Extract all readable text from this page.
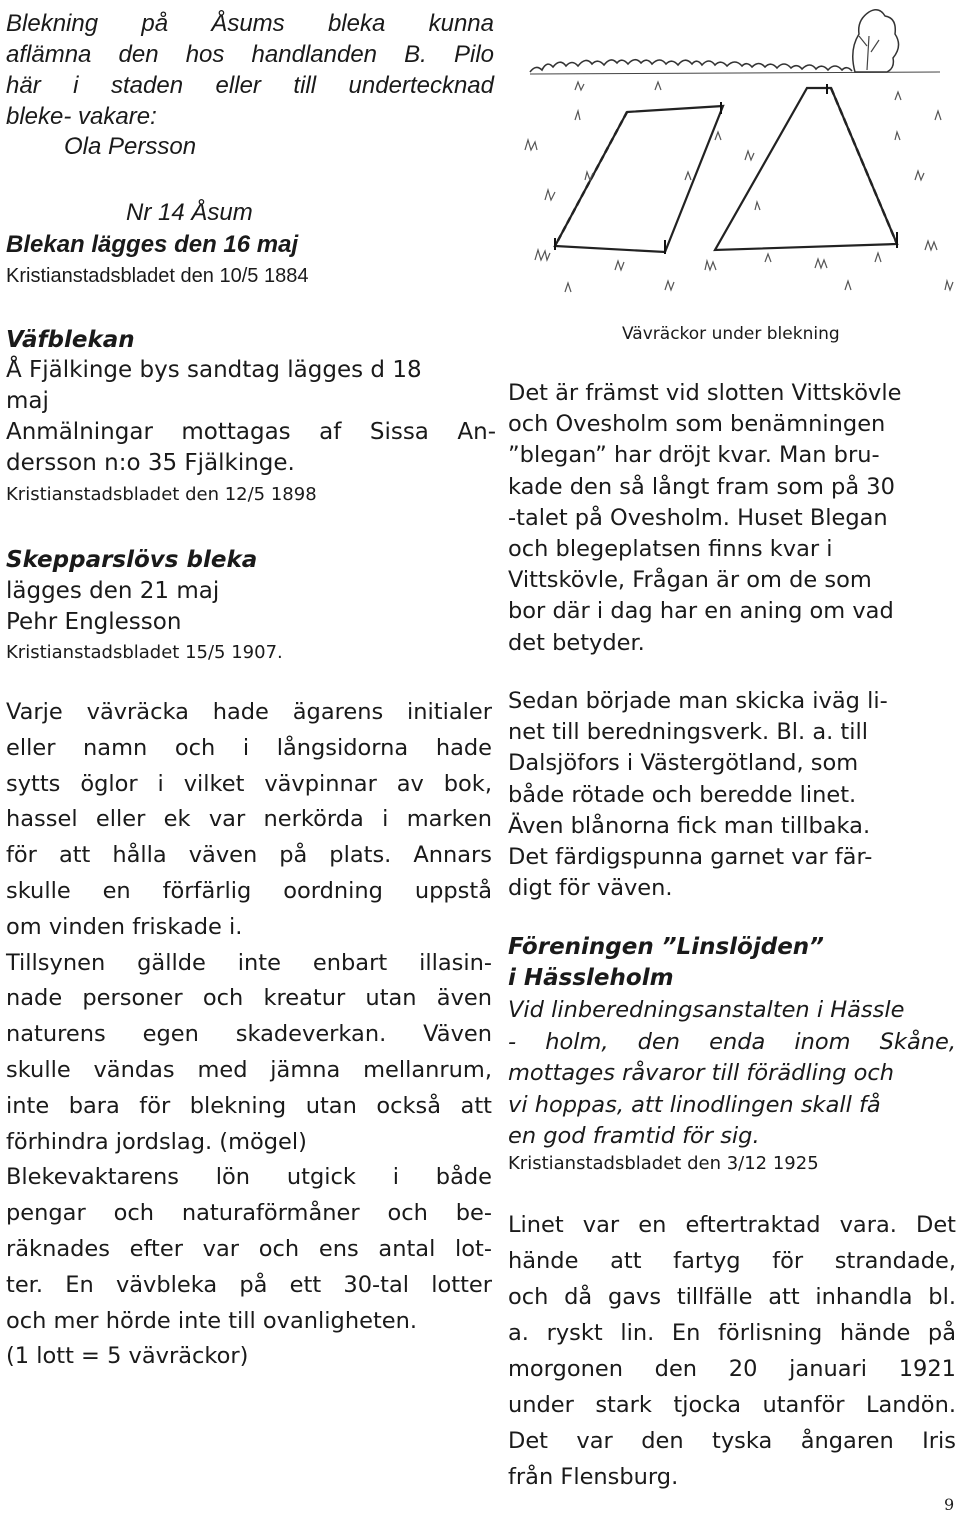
Blekning på Åsums bleka kunna
aflämna den hos handlanden B. Pilo
här i staden eller till undertecknad
bleke- vakare:
Ola Persson
Nr 14 Åsum
Blekan lägges den 16 maj
Kristianstadsbladet den 10/5 1884
Väfblekan
Å Fjälkinge bys sandtag lägges d 18
maj
Anmälningar mottagas af Sissa An-
dersson n:o 35 Fjälkinge.
Kristianstadsbladet den 12/5 1898
Skepparslövs bleka
lägges den 21 maj
Pehr Englesson
Kristianstadsbladet 15/5 1907.
Varje vävräcka hade ägarens initialer
eller namn och i långsidorna hade
sytts öglor i vilket vävpinnar av bok,
hassel eller ek var nerkörda i marken
för att hålla väven på plats. Annars
skulle en förfärlig oordning uppstå
om vinden friskade i.
Tillsynen gällde inte enbart illasin-
nade personer och kreatur utan även
naturens egen skadeverkan. Väven
skulle vändas med jämna mellanrum,
inte bara för blekning utan också att
förhindra jordslag. (mögel)
Blekevaktarens lön utgick i både
pengar och naturaförmåner och be-
räknades efter var och ens antal lot-
ter. En vävbleka på ett 30-tal lotter
och mer hörde inte till ovanligheten.
(1 lott = 5 vävräckor)
Vävräckor under blekning
Det är främst vid slotten Vittskövle
och Ovesholm som benämningen
”blegan” har dröjt kvar. Man bru-
kade den så långt fram som på 30
-talet på Ovesholm. Huset Blegan
och blegeplatsen finns kvar i
Vittskövle, Frågan är om de som
bor där i dag har en aning om vad
det betyder.
Sedan började man skicka iväg li-
net till beredningsverk. Bl. a. till
Dalsjöfors i Västergötland, som
både rötade och beredde linet.
Även blånorna fick man tillbaka.
Det färdigspunna garnet var fär-
digt för väven.
Föreningen ”Linslöjden”
i Hässleholm
Vid linberedningsanstalten i Hässle
- holm, den enda inom Skåne,
mottages råvaror till förädling och
vi hoppas, att linodlingen skall få
en god framtid för sig.
Kristianstadsbladet den 3/12 1925
Linet var en eftertraktad vara. Det
hände att fartyg för strandade,
och då gavs tillfälle att inhandla bl.
a. ryskt lin. En förlisning hände på
morgonen den 20 januari 1921
under stark tjocka utanför Landön.
Det var den tyska ångaren Iris
från Flensburg.
9
